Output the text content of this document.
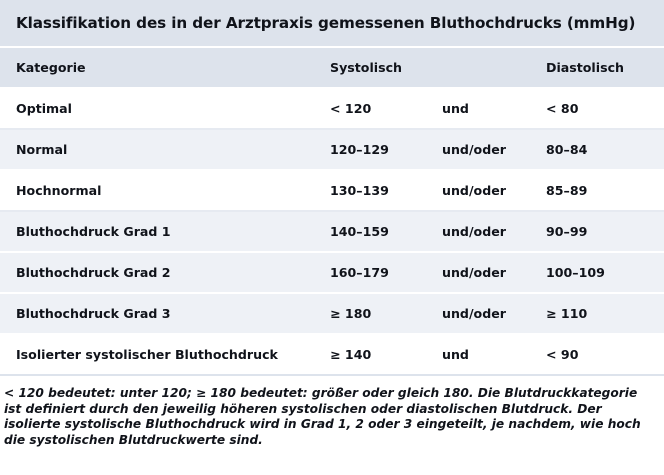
Klassifikation des in der Arztpraxis gemessenen Bluthochdrucks (mmHg)
Kategorie	Systolisch		Diastolisch
Optimal	< 120	und	< 80
Normal	120–129	und/oder	80–84
Hochnormal	130–139	und/oder	85–89
Bluthochdruck Grad 1	140–159	und/oder	90–99
Bluthochdruck Grad 2	160–179	und/oder	100–109
Bluthochdruck Grad 3	≥ 180	und/oder	≥ 110
Isolierter systolischer Bluthochdruck	≥ 140	und	< 90
< 120 bedeutet: unter 120; ≥ 180 bedeutet: größer oder gleich 180. Die Blutdruckkategorie ist definiert durch den jeweilig höheren systolischen oder diastolischen Blutdruck. Der isolierte systolische Bluthochdruck wird in Grad 1, 2 oder 3 eingeteilt, je nachdem, wie hoch die systolischen Blutdruckwerte sind.
